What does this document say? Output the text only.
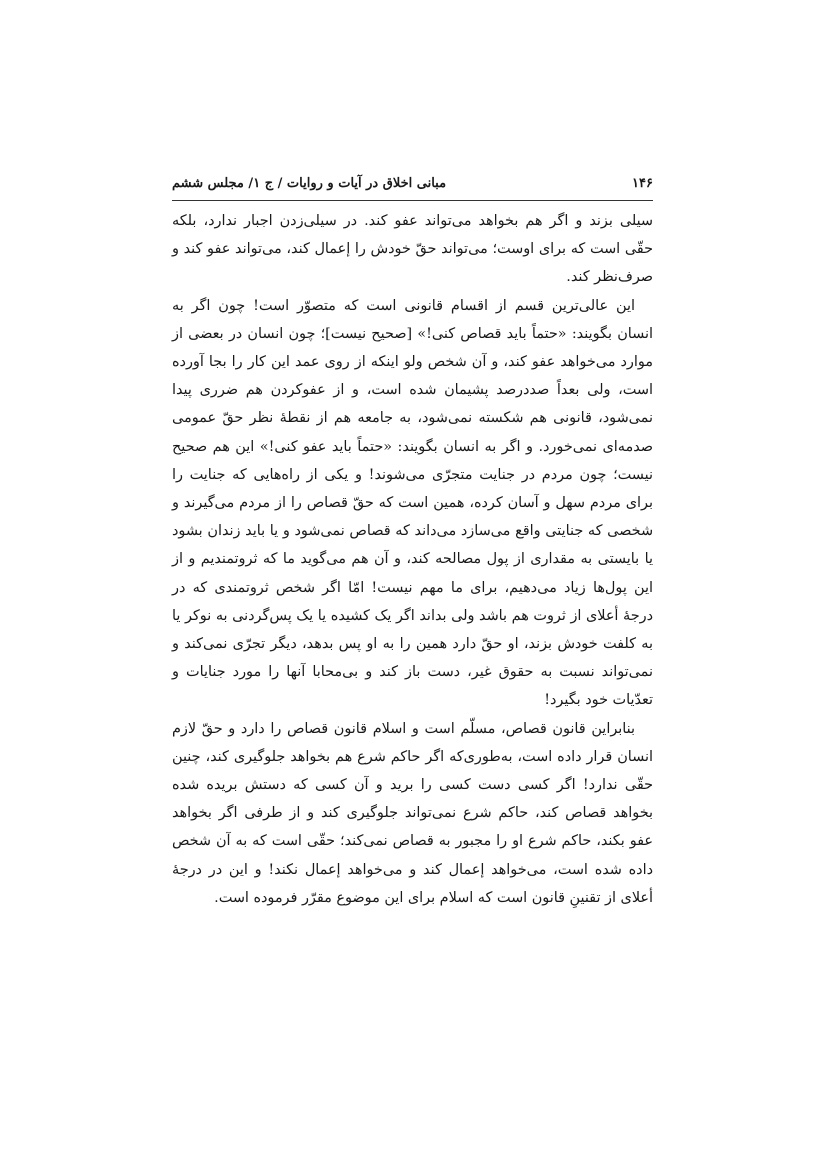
۱۴۶
مبانی اخلاق در آیات و روایات / ج ۱/ مجلس ششم

سیلی بزند و اگر هم بخواهد می‌تواند عفو کند. در سیلی‌زدن اجبار ندارد، بلکه حقّی است که برای اوست؛ می‌تواند حقّ خودش را إعمال کند، می‌تواند عفو کند و صرف‌نظر کند.

این عالی‌ترین قسم از اقسام قانونی است که متصوّر است! چون اگر به انسان بگویند: «حتماً باید قصاص کنی!» [صحیح نیست]؛ چون انسان در بعضی از موارد می‌خواهد عفو کند، و آن شخص ولو اینکه از روی عمد این کار را بجا آورده است، ولی بعداً صددرصد پشیمان شده است، و از عفوکردن هم ضرری پیدا نمی‌شود، قانونی هم شکسته نمی‌شود، به جامعه هم از نقطهٔ نظر حقّ عمومی صدمه‌ای نمی‌خورد. و اگر به انسان بگویند: «حتماً باید عفو کنی!» این هم صحیح نیست؛ چون مردم در جنایت متجرّی می‌شوند! و یکی از راه‌هایی که جنایت را برای مردم سهل و آسان کرده، همین است که حقّ قصاص را از مردم می‌گیرند و شخصی که جنایتی واقع می‌سازد می‌داند که قصاص نمی‌شود و یا باید زندان بشود یا بایستی به مقداری از پول مصالحه کند، و آن هم می‌گوید ما که ثروتمندیم و از این پول‌ها زیاد می‌دهیم، برای ما مهم نیست! امّا اگر شخص ثروتمندی که در درجهٔ أعلای از ثروت هم باشد ولی بداند اگر یک کشیده یا یک پس‌گردنی به نوکر یا به کلفت خودش بزند، او حقّ دارد همین را به او پس بدهد، دیگر تجرّی نمی‌کند و نمی‌تواند نسبت به حقوق غیر، دست باز کند و بی‌محابا آنها را مورد جنایات و تعدّیات خود بگیرد!

بنابراین قانون قصاص، مسلّم است و اسلام قانون قصاص را دارد و حقّ لازم انسان قرار داده است، به‌طوری‌که اگر حاکم شرع هم بخواهد جلوگیری کند، چنین حقّی ندارد! اگر کسی دست کسی را برید و آن کسی که دستش بریده شده بخواهد قصاص کند، حاکم شرع نمی‌تواند جلوگیری کند و از طرفی اگر بخواهد عفو بکند، حاکم شرع او را مجبور به قصاص نمی‌کند؛ حقّی است که به آن شخص داده شده است، می‌خواهد إعمال کند و می‌خواهد إعمال نکند! و این در درجهٔ أعلای از تقنینِ قانون است که اسلام برای این موضوع مقرّر فرموده است.
